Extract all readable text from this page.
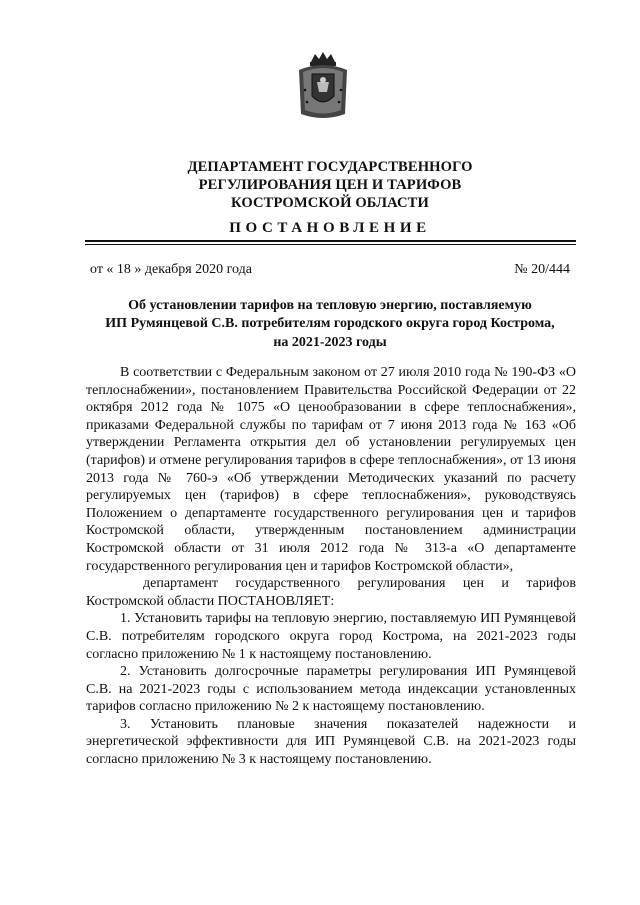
ДЕПАРТАМЕНТ ГОСУДАРСТВЕННОГО
РЕГУЛИРОВАНИЯ ЦЕН И ТАРИФОВ
КОСТРОМСКОЙ ОБЛАСТИ
ПОСТАНОВЛЕНИЕ
от « 18 » декабря 2020 года	№ 20/444
Об установлении тарифов на тепловую энергию, поставляемую
ИП Румянцевой С.В. потребителям городского округа город Кострома,
на 2021-2023 годы

В соответствии с Федеральным законом от 27 июля 2010 года № 190-ФЗ «О теплоснабжении», постановлением Правительства Российской Федерации от 22 октября 2012 года № 1075 «О ценообразовании в сфере теплоснабжения», приказами Федеральной службы по тарифам от 7 июня 2013 года № 163 «Об утверждении Регламента открытия дел об установлении регулируемых цен (тарифов) и отмене регулирования тарифов в сфере теплоснабжения», от 13 июня 2013 года № 760-э «Об утверждении Методических указаний по расчету регулируемых цен (тарифов) в сфере теплоснабжения», руководствуясь Положением о департаменте государственного регулирования цен и тарифов Костромской области, утвержденным постановлением администрации Костромской области от 31 июля 2012 года № 313-а «О департаменте государственного регулирования цен и тарифов Костромской области»,

департамент государственного регулирования цен и тарифов Костромской области ПОСТАНОВЛЯЕТ:

1. Установить тарифы на тепловую энергию, поставляемую ИП Румянцевой С.В. потребителям городского округа город Кострома, на 2021-2023 годы согласно приложению № 1 к настоящему постановлению.

2. Установить долгосрочные параметры регулирования ИП Румянцевой С.В. на 2021-2023 годы с использованием метода индексации установленных тарифов согласно приложению № 2 к настоящему постановлению.

3. Установить плановые значения показателей надежности и энергетической эффективности для ИП Румянцевой С.В. на 2021-2023 годы согласно приложению № 3 к настоящему постановлению.
